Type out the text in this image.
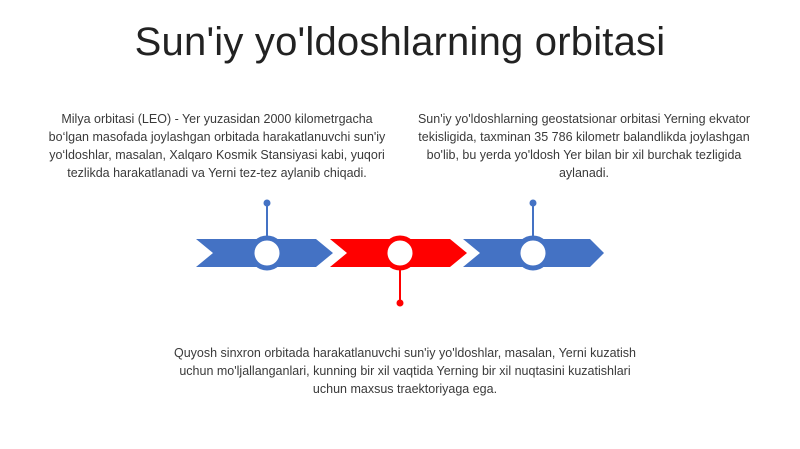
Sun'iy yo'ldoshlarning orbitasi
Milya orbitasi (LEO) - Yer yuzasidan 2000 kilometrgacha bo‘lgan masofada joylashgan orbitada harakatlanuvchi sun'iy yo‘ldoshlar, masalan, Xalqaro Kosmik Stansiyasi kabi, yuqori tezlikda harakatlanadi va Yerni tez-tez aylanib chiqadi.
Sun'iy yo'ldoshlarning geostatsionar orbitasi Yerning ekvator tekisligida, taxminan 35 786 kilometr balandlikda joylashgan bo'lib, bu yerda yo'ldosh Yer bilan bir xil burchak tezligida aylanadi.
Quyosh sinxron orbitada harakatlanuvchi sun'iy yo'ldoshlar, masalan, Yerni kuzatish uchun mo'ljallanganlari, kunning bir xil vaqtida Yerning bir xil nuqtasini kuzatishlari uchun maxsus traektoriyaga ega.
